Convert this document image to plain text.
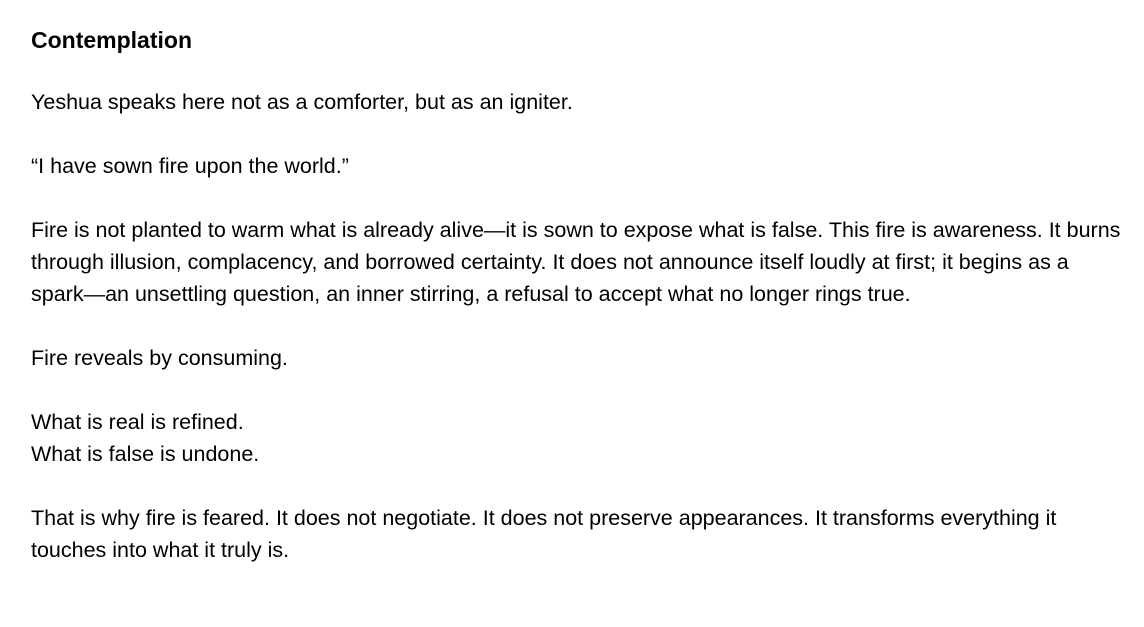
Contemplation

Yeshua speaks here not as a comforter, but as an igniter.

“I have sown fire upon the world.”

Fire is not planted to warm what is already alive—it is sown to expose what is false. This fire is awareness. It burns through illusion, complacency, and borrowed certainty. It does not announce itself loudly at first; it begins as a spark—an unsettling question, an inner stirring, a refusal to accept what no longer rings true.

Fire reveals by consuming.

What is real is refined.
What is false is undone.

That is why fire is feared. It does not negotiate. It does not preserve appearances. It transforms everything it touches into what it truly is.
